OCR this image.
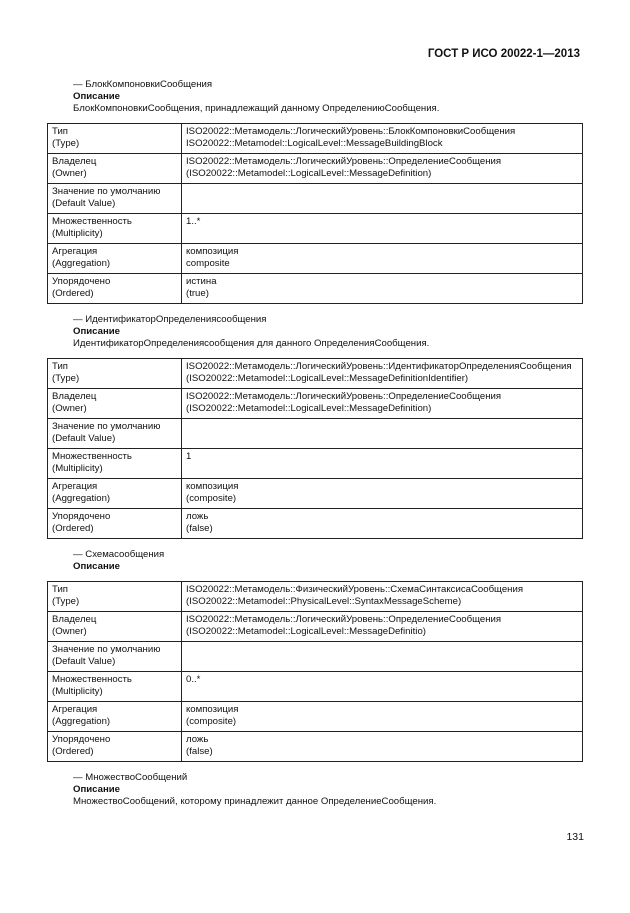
ГОСТ Р ИСО 20022-1—2013
— БлокКомпоновкиСообщения
Описание
БлокКомпоновкиСообщения, принадлежащий данному ОпределениюСообщения.
Тип
(Type)	ISO20022::Метамодель::ЛогическийУровень::БлокКомпоновкиСообщения
ISO20022::Metamodel::LogicalLevel::MessageBuildingBlock

Владелец
(Owner)	ISO20022::Метамодель::ЛогическийУровень::ОпределениеСообщения
(ISO20022::Metamodel::LogicalLevel::MessageDefinition)

Значение по умолчанию
(Default Value)	

Множественность
(Multiplicity)	1..*

Агрегация
(Aggregation)	композиция
composite

Упорядочено
(Ordered)	истина
(true)
— ИдентификаторОпределениясообщения
Описание
ИдентификаторОпределениясообщения для данного ОпределенияСообщения.
Тип
(Type)	ISO20022::Метамодель::ЛогическийУровень::ИдентификаторОпределенияСообщения
(ISO20022::Metamodel::LogicalLevel::MessageDefinitionIdentifier)

Владелец
(Owner)	ISO20022::Метамодель::ЛогическийУровень::ОпределениеСообщения
(ISO20022::Metamodel::LogicalLevel::MessageDefinition)

Значение по умолчанию
(Default Value)	

Множественность
(Multiplicity)	1

Агрегация
(Aggregation)	композиция
(composite)

Упорядочено
(Ordered)	ложь
(false)
— Схемасообщения
Описание
Тип
(Type)	ISO20022::Метамодель::ФизическийУровень::СхемаСинтаксисаСообщения
(ISO20022::Metamodel::PhysicalLevel::SyntaxMessageScheme)

Владелец
(Owner)	ISO20022::Метамодель::ЛогическийУровень::ОпределениеСообщения
(ISO20022::Metamodel::LogicalLevel::MessageDefinitio)

Значение по умолчанию
(Default Value)	

Множественность
(Multiplicity)	0..*

Агрегация
(Aggregation)	композиция
(composite)

Упорядочено
(Ordered)	ложь
(false)
— МножествоСообщений
Описание
МножествоСообщений, которому принадлежит данное ОпределениеСообщения.
131
